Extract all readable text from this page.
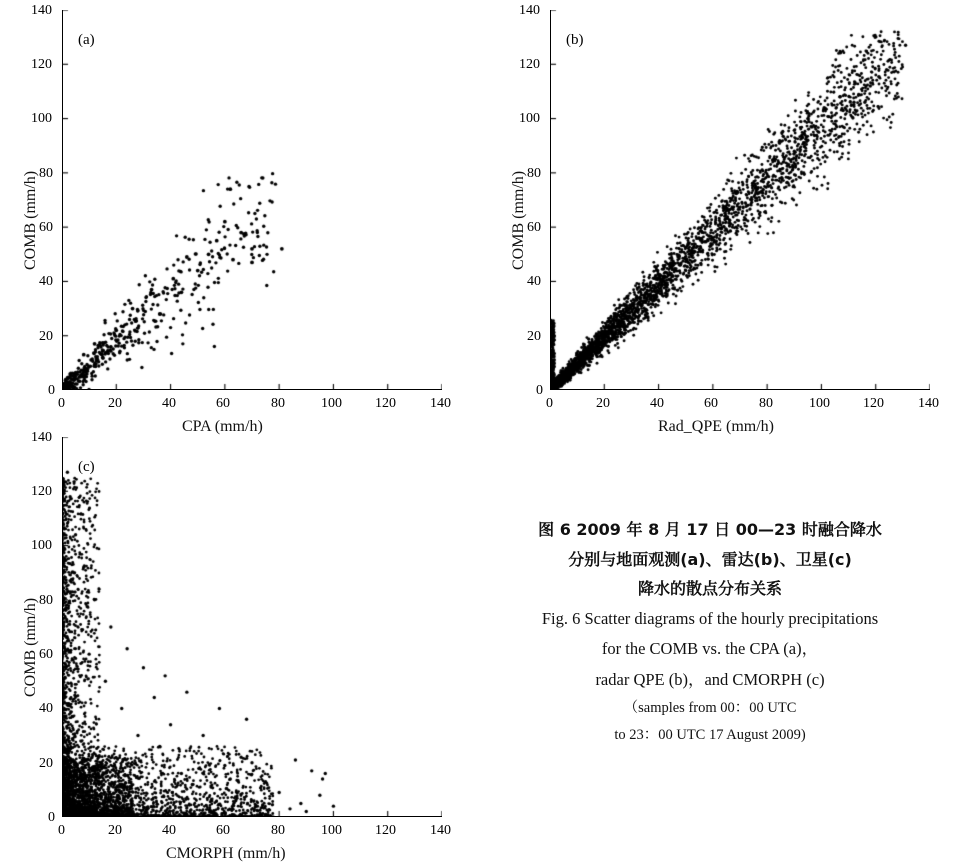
(a)
140
120
100
80
60
40
20
0
0	20	40	60	80	100 120 140
CPA (mm/h)
COMB (mm/h)
(b)
140
120
100
80
60
40
20
0
0	20	40	60	80	100 120 140
Rad_QPE (mm/h)
COMB (mm/h)
(c)
140
120
100
80
60
40
20
0
0	20	40	60	80	100 120 140
CMORPH (mm/h)
COMB (mm/h)
图 6 2009 年 8 月 17 日 00—23 时融合降水
分别与地面观测(a)、雷达(b)、卫星(c)
降水的散点分布关系
Fig. 6 Scatter diagrams of the hourly precipitations
for the COMB vs. the CPA (a)，
radar QPE (b)，and CMORPH (c)
（samples from 00：00 UTC
to 23：00 UTC 17 August 2009)
